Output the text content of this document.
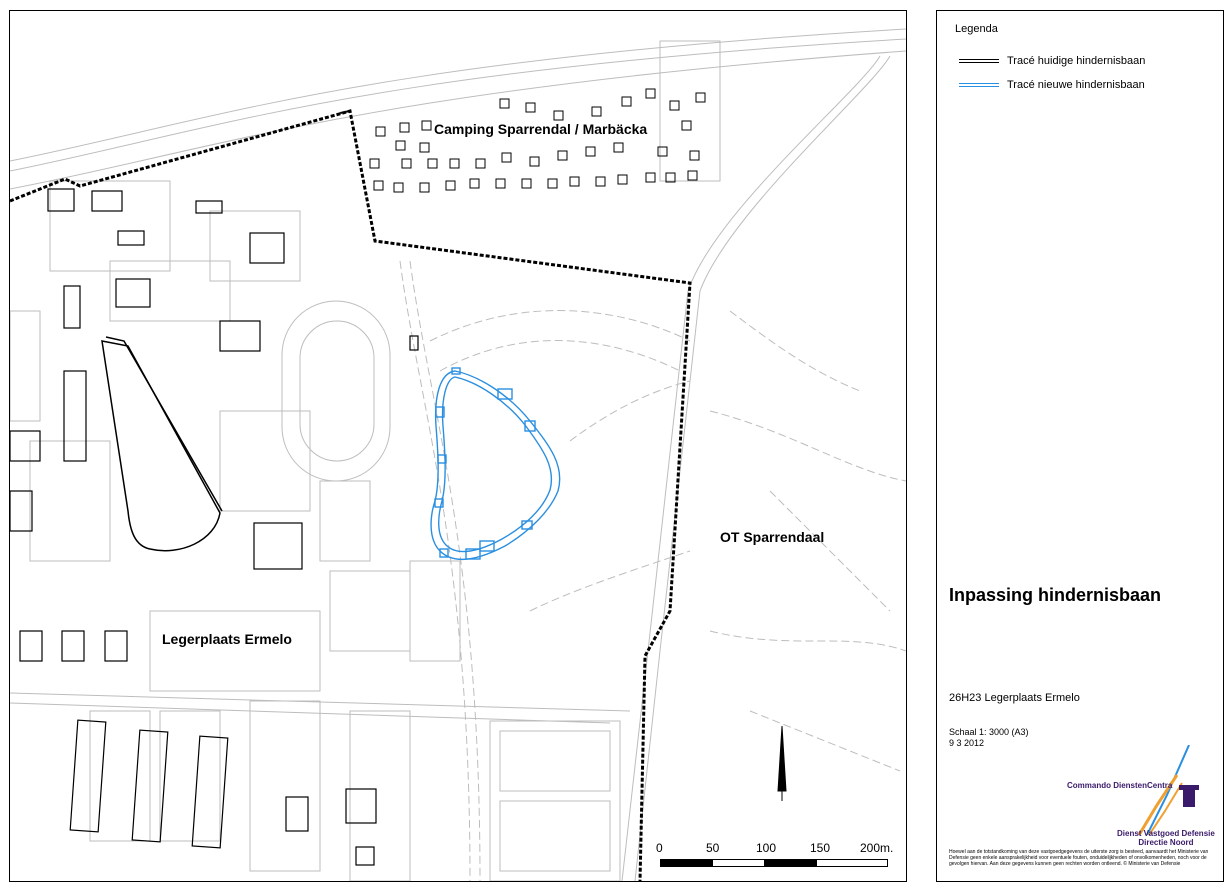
Camping Sparrendal / Marbäcka
OT Sparrendaal
Legerplaats Ermelo
0	50	100	150 200m.
Legenda
Tracé huidige hindernisbaan
Tracé nieuwe hindernisbaan
Inpassing hindernisbaan
26H23 Legerplaats Ermelo
Schaal 1: 3000 (A3)
9 3 2012
Commando DienstenCentra
Dienst Vastgoed Defensie
Directie Noord
Hoewel aan de totstandkoming van deze vastgoedgegevens de uiterste zorg is besteed, aanvaardt het Ministerie van Defensie geen enkele aansprakelijkheid voor eventuele fouten, onduidelijkheden of onvolkomenheden, noch voor de gevolgen hiervan. Aan deze gegevens kunnen geen rechten worden ontleend. © Ministerie van Defensie
